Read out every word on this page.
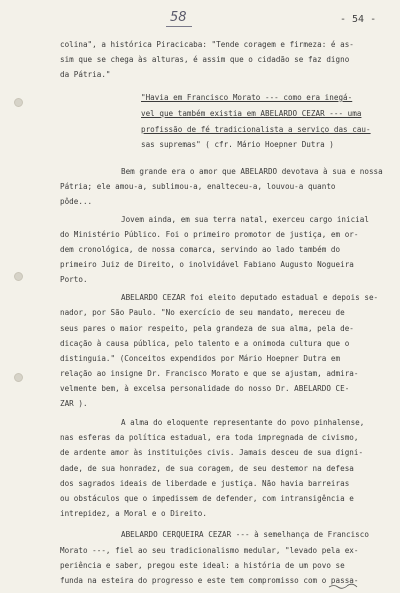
58	- 54 -
colina", a histórica Piracicaba: "Tende coragem e firmeza: é as-
sim que se chega às alturas, é assim que o cidadão se faz digno
da Pátria."
"Havia em Francisco Morato --- como era inegá-
vel que também existia em ABELARDO CEZAR --- uma
profissão de fé tradicionalista a serviço das cau-
sas supremas" ( cfr. Mário Hoepner Dutra )
Bem grande era o amor que ABELARDO devotava à sua e nossa
Pátria; ele amou-a, sublimou-a, enalteceu-a, louvou-a quanto
pôde...
Jovem ainda, em sua terra natal, exerceu cargo inicial
do Ministério Público. Foi o primeiro promotor de justiça, em or-
dem cronológica, de nossa comarca, servindo ao lado também do
primeiro Juiz de Direito, o inolvidável Fabiano Augusto Nogueira
Porto.
ABELARDO CEZAR foi eleito deputado estadual e depois se-
nador, por São Paulo. "No exercício de seu mandato, mereceu de
seus pares o maior respeito, pela grandeza de sua alma, pela de-
dicação à causa pública, pelo talento e a onimoda cultura que o
distinguia." (Conceitos expendidos por Mário Hoepner Dutra em
relação ao insigne Dr. Francisco Morato e que se ajustam, admira-
velmente bem, à excelsa personalidade do nosso Dr. ABELARDO CE-
ZAR ).
A alma do eloquente representante do povo pinhalense,
nas esferas da política estadual, era toda impregnada de civismo,
de ardente amor às instituições civis. Jamais desceu de sua digni-
dade, de sua honradez, de sua coragem, de seu destemor na defesa
dos sagrados ideais de liberdade e justiça. Não havia barreiras
ou obstáculos que o impedissem de defender, com intransigência e
intrepidez, a Moral e o Direito.
ABELARDO CERQUEIRA CEZAR --- à semelhança de Francisco
Morato ---, fiel ao seu tradicionalismo medular, "levado pela ex-
periência e saber, pregou este ideal: a história de um povo se
funda na esteira do progresso e este tem compromisso com o passa-
